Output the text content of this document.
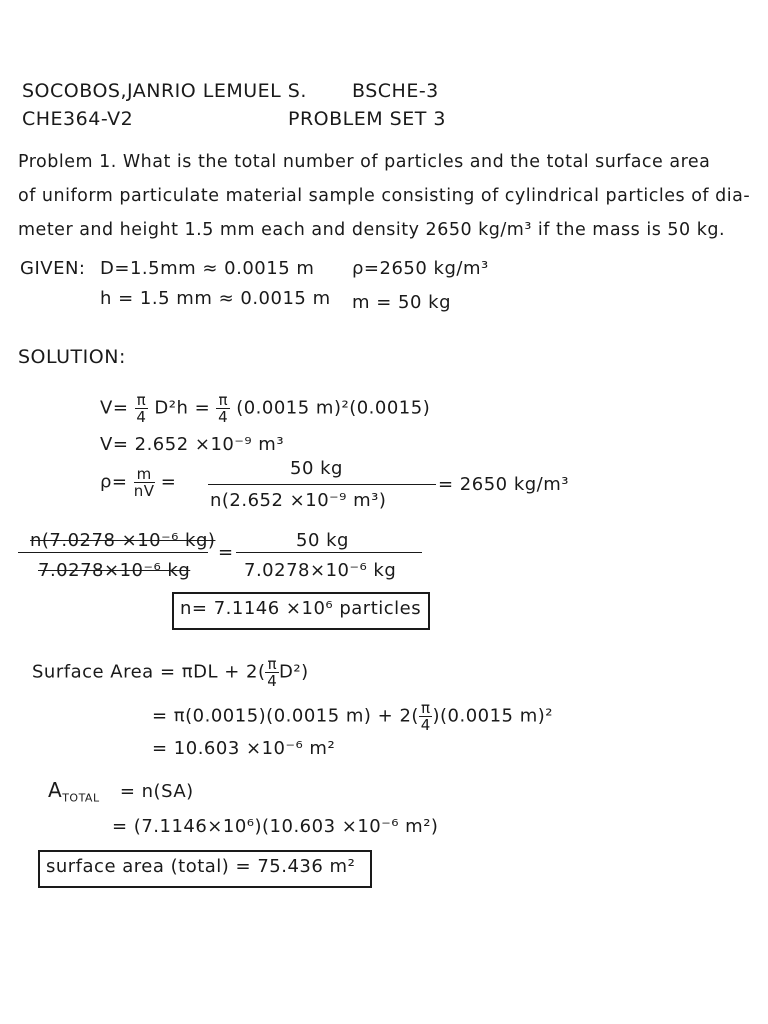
SOCOBOS,JANRIO LEMUEL S. BSCHE-3
CHE364-V2	PROBLEM SET 3
Problem 1. What is the total number of particles and the total surface area
of uniform particulate material sample consisting of cylindrical particles of dia-
meter and height 1.5 mm each and density 2650 kg/m³ if the mass is 50 kg.
GIVEN: D=1.5mm ≈ 0.0015 m ρ=2650 kg/m³
h = 1.5 mm ≈ 0.0015 m m = 50 kg
SOLUTION:
$V= \frac{\pi}{4} D^2h = \frac{\pi}{4} (0.0015$ m)²(0.0015)
V= 2.652 ×10⁻⁹ m³
$\rho= \frac{m}{nV}$ =
50 kg
n(2.652 ×10⁻⁹ m³)
= 2650 kg/m³
n(7.0278 ×10⁻⁶ kg)
7.0278×10⁻⁶ kg
=
50 kg
7.0278×10⁻⁶ kg
n= 7.1146 ×10⁶ particles
Surface Area = $\pi DL + 2( \frac{\pi}{4} D^2)$
= π(0.0015)(0.0015 $m) + 2( \frac{\pi}{4} )(0.0015$ m)²
= 10.603 ×10⁻⁶ m²
$A_{TOTAL} = n(SA)$
= (7.1146×10⁶)(10.603 ×10⁻⁶ m²)
surface area (total) = 75.436 m²
